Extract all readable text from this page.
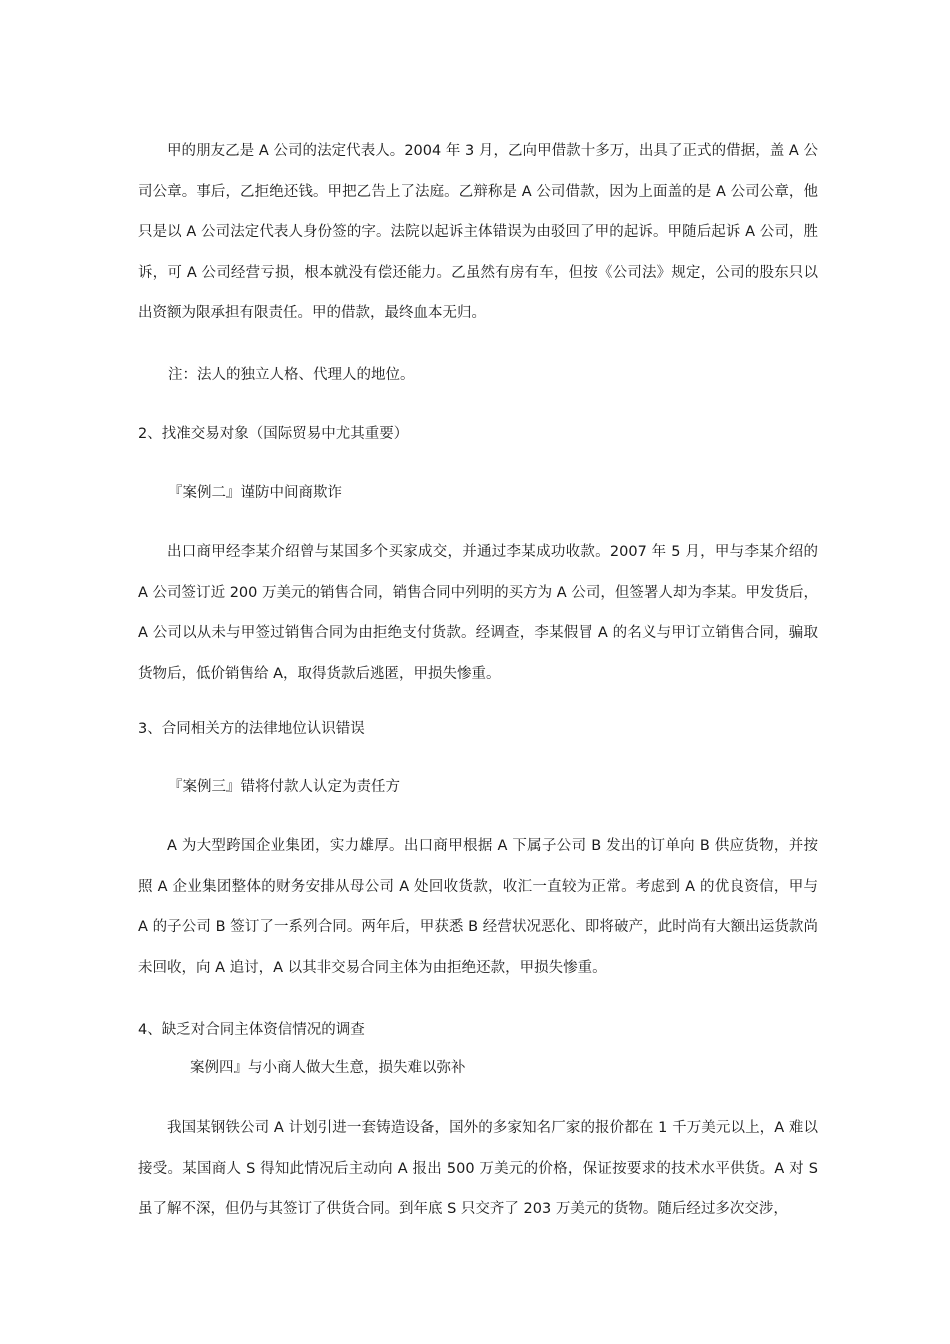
甲的朋友乙是 A 公司的法定代表人。2004 年 3 月，乙向甲借款十多万，出具了正式的借据，盖 A 公司公章。事后，乙拒绝还钱。甲把乙告上了法庭。乙辩称是 A 公司借款，因为上面盖的是 A 公司公章，他只是以 A 公司法定代表人身份签的字。法院以起诉主体错误为由驳回了甲的起诉。甲随后起诉 A 公司，胜诉，可 A 公司经营亏损，根本就没有偿还能力。乙虽然有房有车，但按《公司法》规定，公司的股东只以出资额为限承担有限责任。甲的借款，最终血本无归。

注：法人的独立人格、代理人的地位。

2、找准交易对象（国际贸易中尤其重要）

『案例二』谨防中间商欺诈

出口商甲经李某介绍曾与某国多个买家成交，并通过李某成功收款。2007 年 5 月，甲与李某介绍的 A 公司签订近 200 万美元的销售合同，销售合同中列明的买方为 A 公司，但签署人却为李某。甲发货后，A 公司以从未与甲签过销售合同为由拒绝支付货款。经调查，李某假冒 A 的名义与甲订立销售合同，骗取货物后，低价销售给 A，取得货款后逃匿，甲损失惨重。

3、合同相关方的法律地位认识错误

『案例三』错将付款人认定为责任方

A 为大型跨国企业集团，实力雄厚。出口商甲根据 A 下属子公司 B 发出的订单向 B 供应货物，并按照 A 企业集团整体的财务安排从母公司 A 处回收货款，收汇一直较为正常。考虑到 A 的优良资信，甲与 A 的子公司 B 签订了一系列合同。两年后，甲获悉 B 经营状况恶化、即将破产，此时尚有大额出运货款尚未回收，向 A 追讨，A 以其非交易合同主体为由拒绝还款，甲损失惨重。

4、缺乏对合同主体资信情况的调查

案例四』与小商人做大生意，损失难以弥补

我国某钢铁公司 A 计划引进一套铸造设备，国外的多家知名厂家的报价都在 1 千万美元以上，A 难以接受。某国商人 S 得知此情况后主动向 A 报出 500 万美元的价格，保证按要求的技术水平供货。A 对 S 虽了解不深，但仍与其签订了供货合同。到年底 S 只交齐了 203 万美元的货物。随后经过多次交涉，
